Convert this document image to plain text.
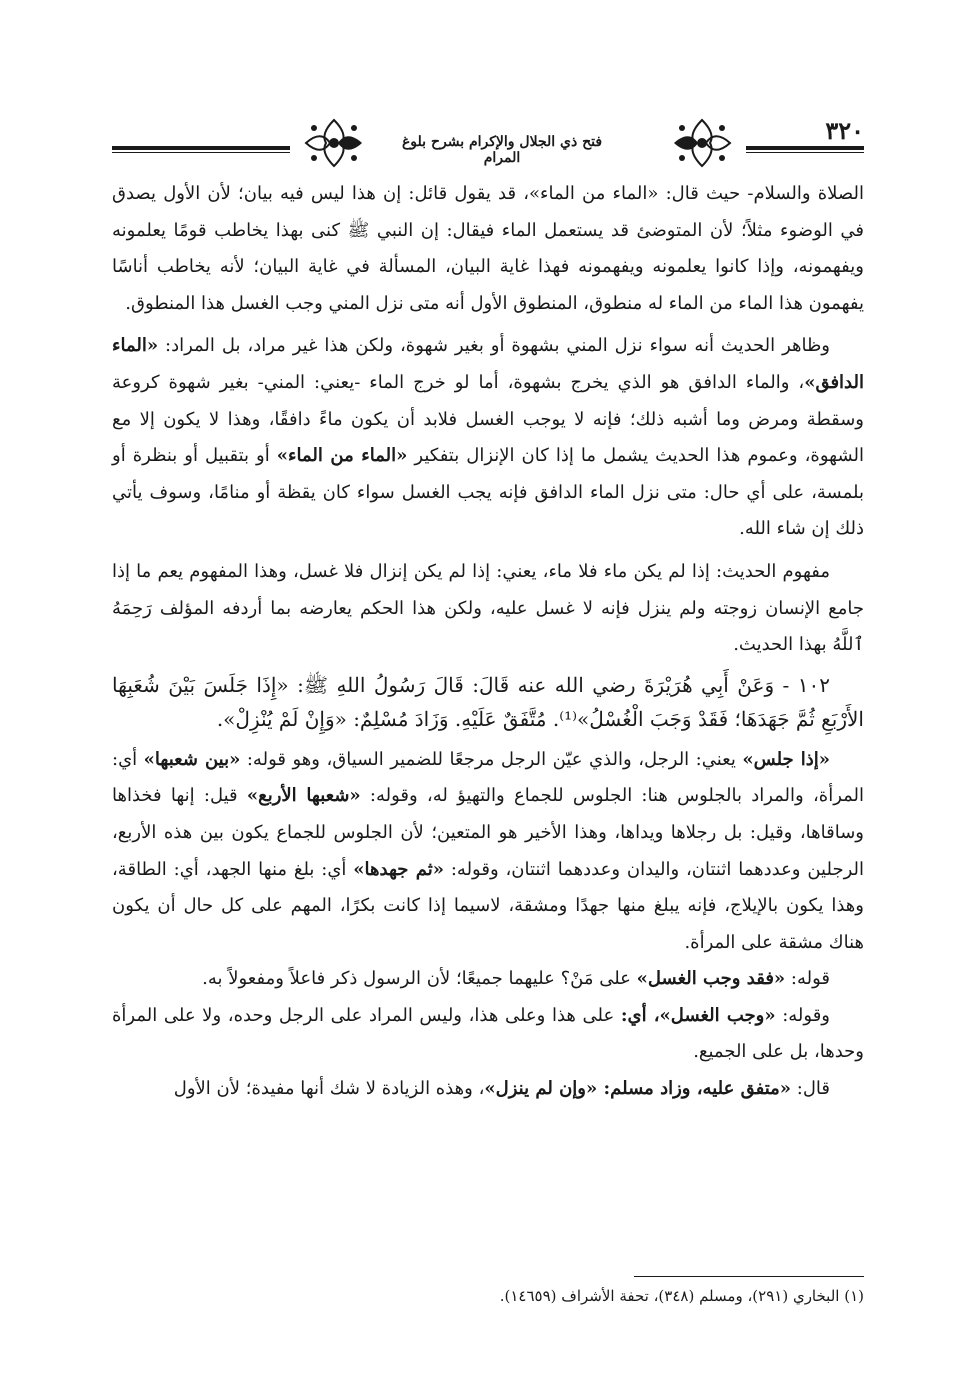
٣٢٠
فتح ذي الجلال والإكرام بشرح بلوغ المرام

الصلاة والسلام- حيث قال: «الماء من الماء»، قد يقول قائل: إن هذا ليس فيه بيان؛ لأن الأول يصدق في الوضوء مثلاً؛ لأن المتوضئ قد يستعمل الماء فيقال: إن النبي ﷺ كنى بهذا يخاطب قومًا يعلمونه ويفهمونه، وإذا كانوا يعلمونه ويفهمونه فهذا غاية البيان، المسألة في غاية البيان؛ لأنه يخاطب أناسًا يفهمون هذا الماء من الماء له منطوق، المنطوق الأول أنه متى نزل المني وجب الغسل هذا المنطوق.

وظاهر الحديث أنه سواء نزل المني بشهوة أو بغير شهوة، ولكن هذا غير مراد، بل المراد: «الماء الدافق»، والماء الدافق هو الذي يخرج بشهوة، أما لو خرج الماء -يعني: المني- بغير شهوة كروعة وسقطة ومرض وما أشبه ذلك؛ فإنه لا يوجب الغسل فلابد أن يكون ماءً دافقًا، وهذا لا يكون إلا مع الشهوة، وعموم هذا الحديث يشمل ما إذا كان الإنزال بتفكير «الماء من الماء» أو بتقبيل أو بنظرة أو بلمسة، على أي حال: متى نزل الماء الدافق فإنه يجب الغسل سواء كان يقظة أو منامًا، وسوف يأتي ذلك إن شاء الله.

مفهوم الحديث: إذا لم يكن ماء فلا ماء، يعني: إذا لم يكن إنزال فلا غسل، وهذا المفهوم يعم ما إذا جامع الإنسان زوجته ولم ينزل فإنه لا غسل عليه، ولكن هذا الحكم يعارضه بما أردفه المؤلف رَحِمَهُ ٱللَّهُ بهذا الحديث.

١٠٢ - وَعَنْ أَبِي هُرَيْرَةَ رضي الله عنه قَالَ: قَالَ رَسُولُ اللهِ ﷺ: «إِذَا جَلَسَ بَيْنَ شُعَبِهَا الأَرْبَعِ ثُمَّ جَهَدَهَا؛ فَقَدْ وَجَبَ الْغُسْلُ»⁽¹⁾. مُتَّفَقٌ عَلَيْهِ. وَزَادَ مُسْلِمٌ: «وَإِنْ لَمْ يُنْزِلْ».

«إذا جلس» يعني: الرجل، والذي عيّن الرجل مرجعًا للضمير السياق، وهو قوله: «بين شعبها» أي: المرأة، والمراد بالجلوس هنا: الجلوس للجماع والتهيؤ له، وقوله: «شعبها الأربع» قيل: إنها فخذاها وساقاها، وقيل: بل رجلاها ويداها، وهذا الأخير هو المتعين؛ لأن الجلوس للجماع يكون بين هذه الأربع، الرجلين وعددهما اثنتان، واليدان وعددهما اثنتان، وقوله: «ثم جهدها» أي: بلغ منها الجهد، أي: الطاقة، وهذا يكون بالإيلاج، فإنه يبلغ منها جهدًا ومشقة، لاسيما إذا كانت بكرًا، المهم على كل حال أن يكون هناك مشقة على المرأة.

قوله: «فقد وجب الغسل» على مَنْ؟ عليهما جميعًا؛ لأن الرسول ذكر فاعلاً ومفعولاً به.

وقوله: «وجب الغسل»، أي: على هذا وعلى هذا، وليس المراد على الرجل وحده، ولا على المرأة وحدها، بل على الجميع.

قال: «متفق عليه، وزاد مسلم: «وإن لم ينزل»، وهذه الزيادة لا شك أنها مفيدة؛ لأن الأول

(١) البخاري (٢٩١)، ومسلم (٣٤٨)، تحفة الأشراف (١٤٦٥٩).
